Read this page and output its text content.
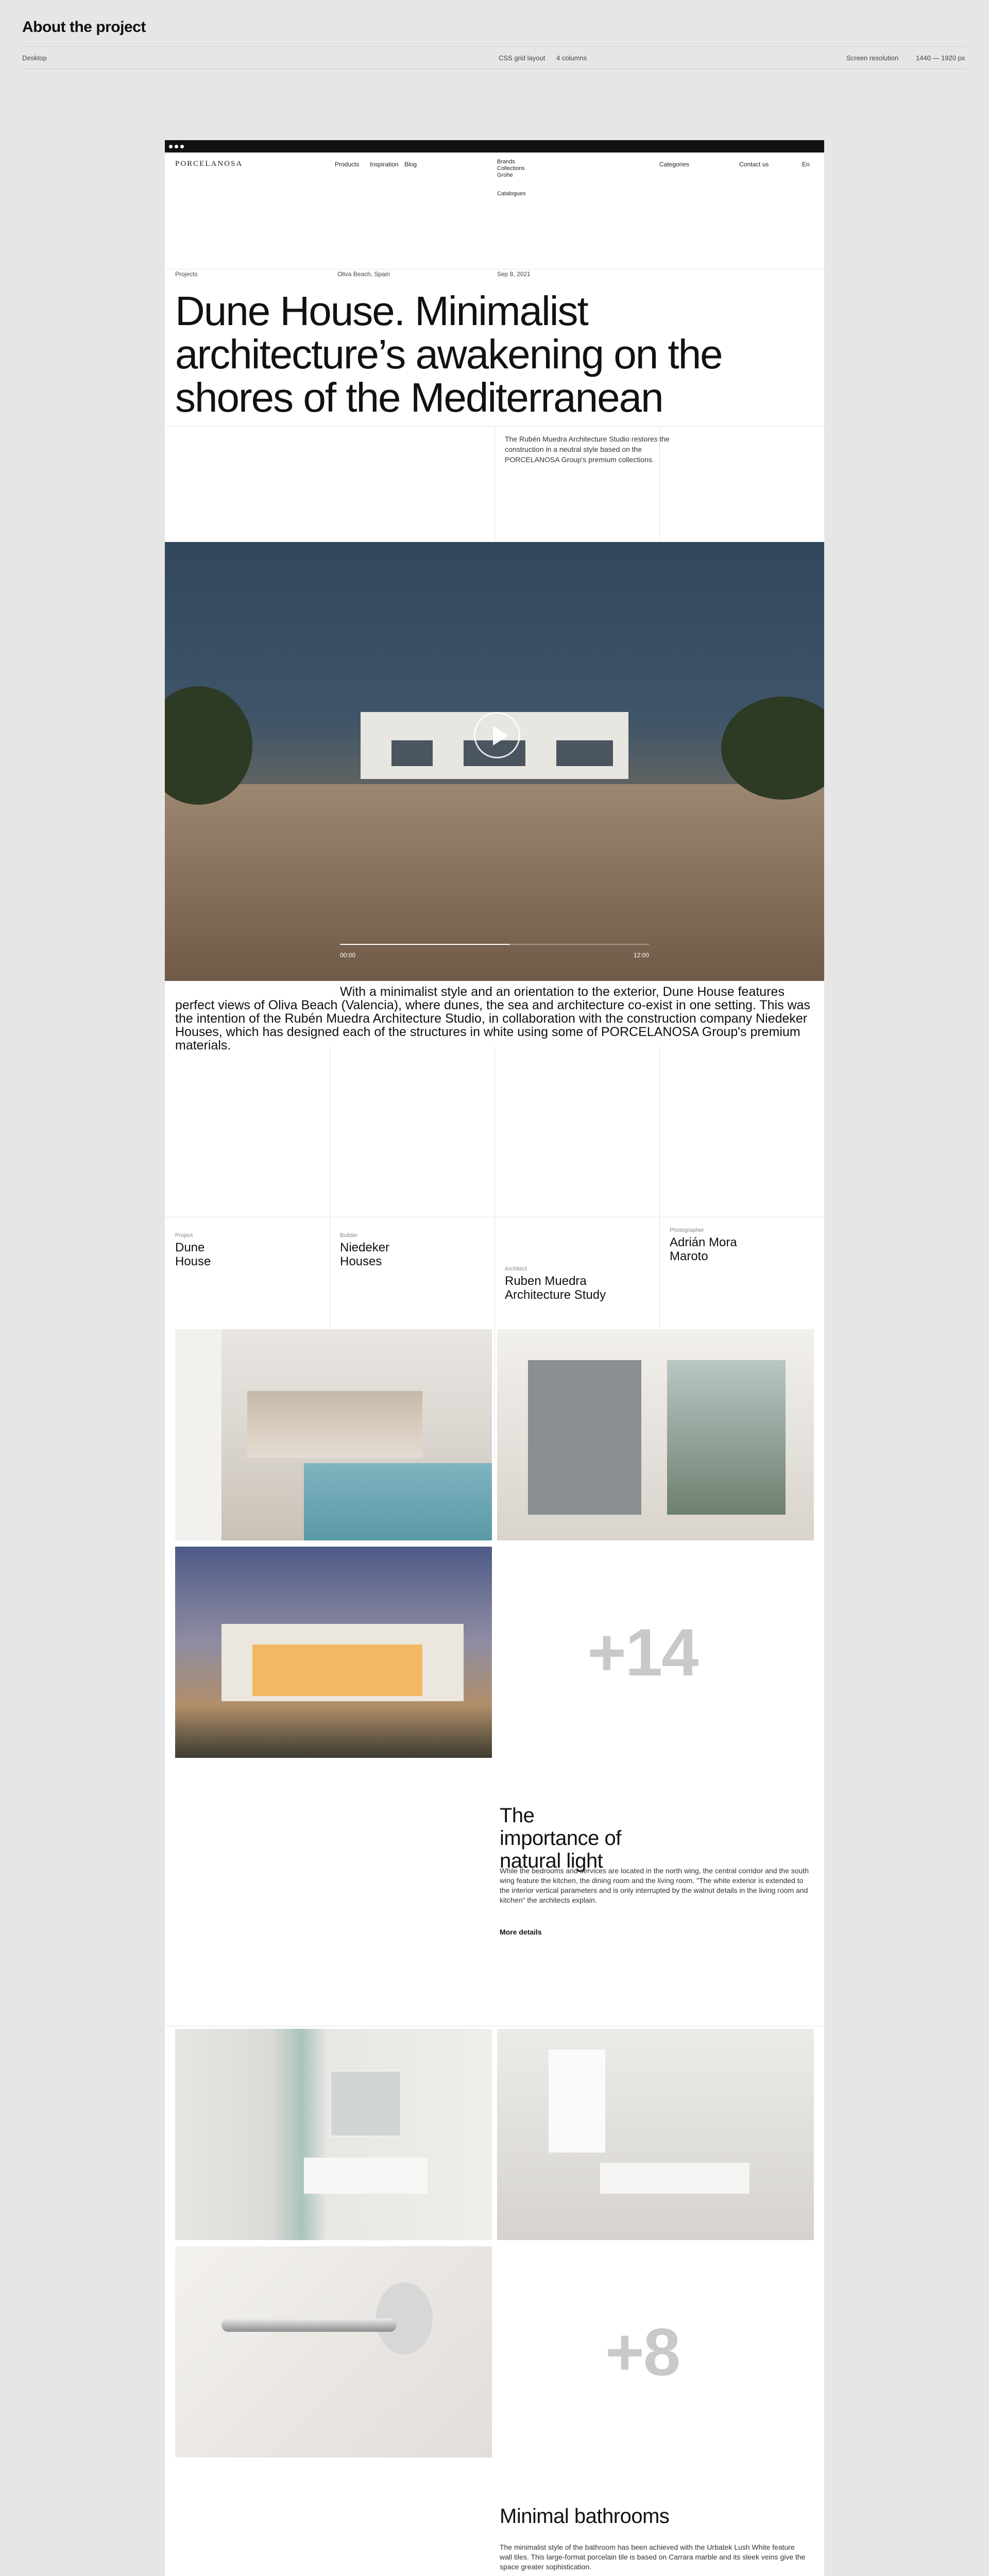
About the project
Desktop	CSS grid layout 4 columns	Screen resolution	1440 — 1920 px
PORCELANOSA	Products Inspiration Blog	Brands
Collections
Grohe
Catalogues
Categories	Contact us	En
Projects	Oliva Beach, Spain	Sep 8, 2021
Dune House. Minimalist architecture’s awakening on the shores of the Mediterranean
The Rubén Muedra Architecture Studio restores the construction in a neutral style based on the PORCELANOSA Group's premium collections.
00:00	12:00
With a minimalist style and an orientation to the exterior, Dune House features perfect views of Oliva Beach (Valencia), where dunes, the sea and architecture co-exist in one setting. This was the intention of the Rubén Muedra Architecture Studio, in collaboration with the construction company Niedeker Houses, which has designed each of the structures in white using some of PORCELANOSA Group's premium materials.
Project
Dune House
Builder
Niedeker Houses
Architect
Ruben Muedra Architecture Study
Photographer
Adrián Mora Maroto
+14
The importance of natural light
While the bedrooms and services are located in the north wing, the central corridor and the south wing feature the kitchen, the dining room and the living room. "The white exterior is extended to the interior vertical parameters and is only interrupted by the walnut details in the living room and kitchen" the architects explain.
More details
+8
Minimal bathrooms
The minimalist style of the bathroom has been achieved with the Urbatek Lush White feature wall tiles. This large-format porcelain tile is based on Carrara marble and its sleek veins give the space greater sophistication.
